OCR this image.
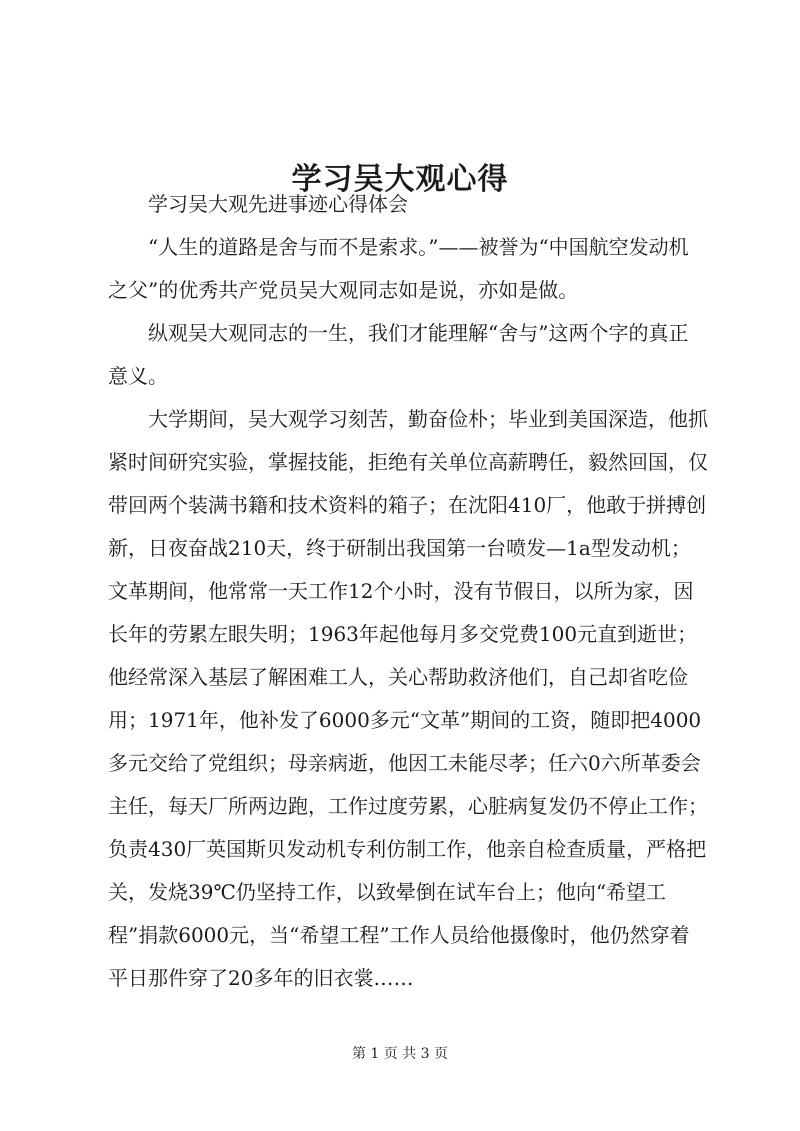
学习吴大观心得

学习吴大观先进事迹心得体会

“人生的道路是舍与而不是索求。”——被誉为“中国航空发动机之父”的优秀共产党员吴大观同志如是说，亦如是做。

纵观吴大观同志的一生，我们才能理解“舍与”这两个字的真正意义。

大学期间，吴大观学习刻苦，勤奋俭朴；毕业到美国深造，他抓紧时间研究实验，掌握技能，拒绝有关单位高薪聘任，毅然回国，仅带回两个装满书籍和技术资料的箱子；在沈阳410厂，他敢于拼搏创新，日夜奋战210天，终于研制出我国第一台喷发—1a型发动机；文革期间，他常常一天工作12个小时，没有节假日，以所为家，因长年的劳累左眼失明；1963年起他每月多交党费100元直到逝世；他经常深入基层了解困难工人，关心帮助救济他们，自己却省吃俭用；1971年，他补发了6000多元“文革”期间的工资，随即把4000多元交给了党组织；母亲病逝，他因工未能尽孝；任六0六所革委会主任，每天厂所两边跑，工作过度劳累，心脏病复发仍不停止工作；负责430厂英国斯贝发动机专利仿制工作，他亲自检查质量，严格把关，发烧39℃仍坚持工作，以致晕倒在试车台上；他向“希望工程”捐款6000元，当“希望工程”工作人员给他摄像时，他仍然穿着平日那件穿了20多年的旧衣裳……

第 1 页 共 3 页
